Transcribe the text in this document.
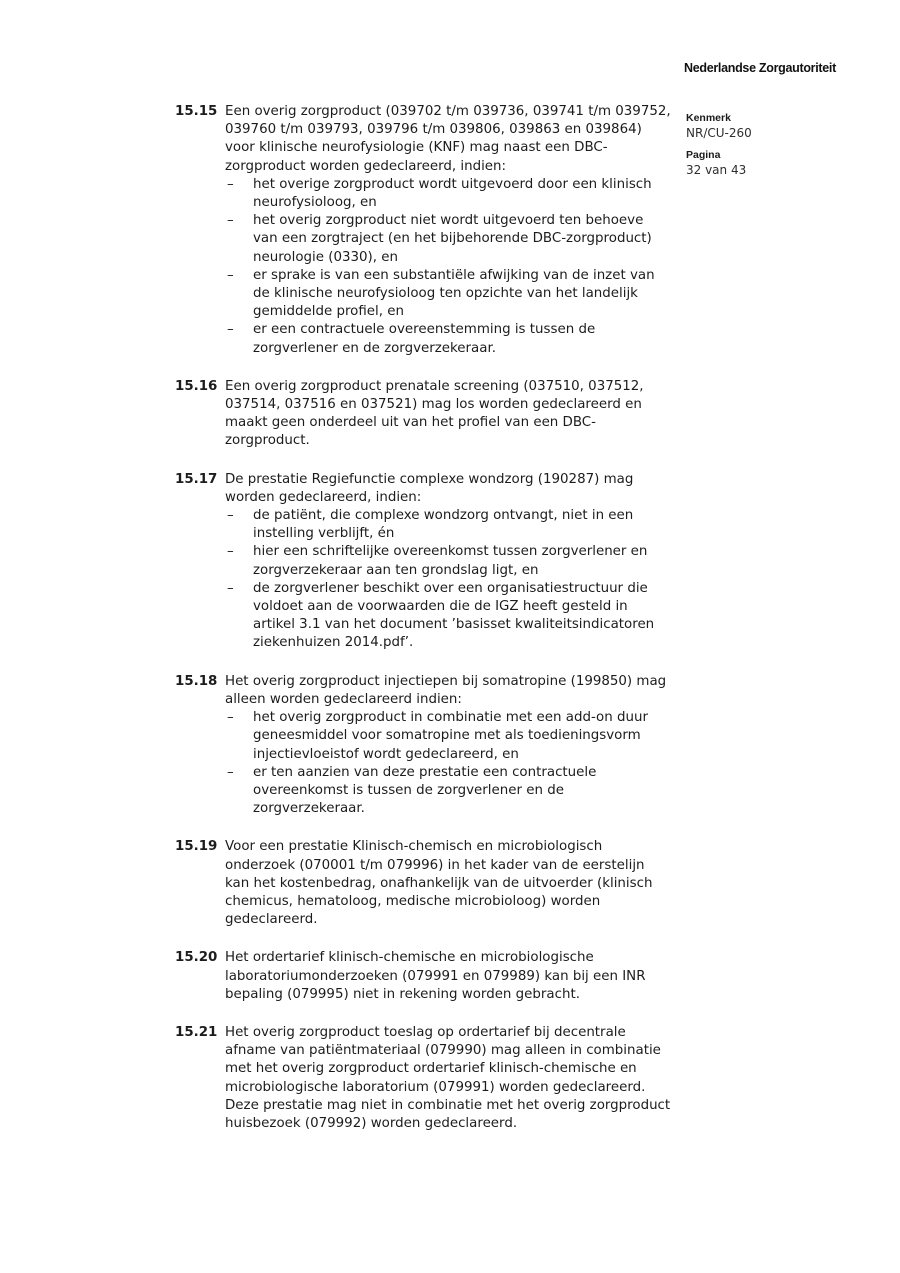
Nederlandse Zorgautoriteit
Kenmerk
NR/CU-260
Pagina
32 van 43
15.15 Een overig zorgproduct (039702 t/m 039736, 039741 t/m 039752, 039760 t/m 039793, 039796 t/m 039806, 039863 en 039864) voor klinische neurofysiologie (KNF) mag naast een DBC-zorgproduct worden gedeclareerd, indien:

– het overige zorgproduct wordt uitgevoerd door een klinisch neurofysioloog, en
– het overig zorgproduct niet wordt uitgevoerd ten behoeve van een zorgtraject (en het bijbehorende DBC-zorgproduct) neurologie (0330), en
– er sprake is van een substantiële afwijking van de inzet van de klinische neurofysioloog ten opzichte van het landelijk gemiddelde profiel, en
– er een contractuele overeenstemming is tussen de zorgverlener en de zorgverzekeraar.
15.16 Een overig zorgproduct prenatale screening (037510, 037512, 037514, 037516 en 037521) mag los worden gedeclareerd en maakt geen onderdeel uit van het profiel van een DBC-zorgproduct.

15.17 De prestatie Regiefunctie complexe wondzorg (190287) mag worden gedeclareerd, indien:

– de patiënt, die complexe wondzorg ontvangt, niet in een instelling verblijft, én
– hier een schriftelijke overeenkomst tussen zorgverlener en zorgverzekeraar aan ten grondslag ligt, en
– de zorgverlener beschikt over een organisatiestructuur die voldoet aan de voorwaarden die de IGZ heeft gesteld in artikel 3.1 van het document ’basisset kwaliteitsindicatoren ziekenhuizen 2014.pdf’.
15.18 Het overig zorgproduct injectiepen bij somatropine (199850) mag alleen worden gedeclareerd indien:

– het overig zorgproduct in combinatie met een add-on duur geneesmiddel voor somatropine met als toedieningsvorm injectievloeistof wordt gedeclareerd, en
– er ten aanzien van deze prestatie een contractuele overeenkomst is tussen de zorgverlener en de zorgverzekeraar.
15.19 Voor een prestatie Klinisch-chemisch en microbiologisch onderzoek (070001 t/m 079996) in het kader van de eerstelijn kan het kostenbedrag, onafhankelijk van de uitvoerder (klinisch chemicus, hematoloog, medische microbioloog) worden gedeclareerd.

15.20 Het ordertarief klinisch-chemische en microbiologische laboratoriumonderzoeken (079991 en 079989) kan bij een INR bepaling (079995) niet in rekening worden gebracht.

15.21 Het overig zorgproduct toeslag op ordertarief bij decentrale afname van patiëntmateriaal (079990) mag alleen in combinatie met het overig zorgproduct ordertarief klinisch-chemische en microbiologische laboratorium (079991) worden gedeclareerd. Deze prestatie mag niet in combinatie met het overig zorgproduct huisbezoek (079992) worden gedeclareerd.
